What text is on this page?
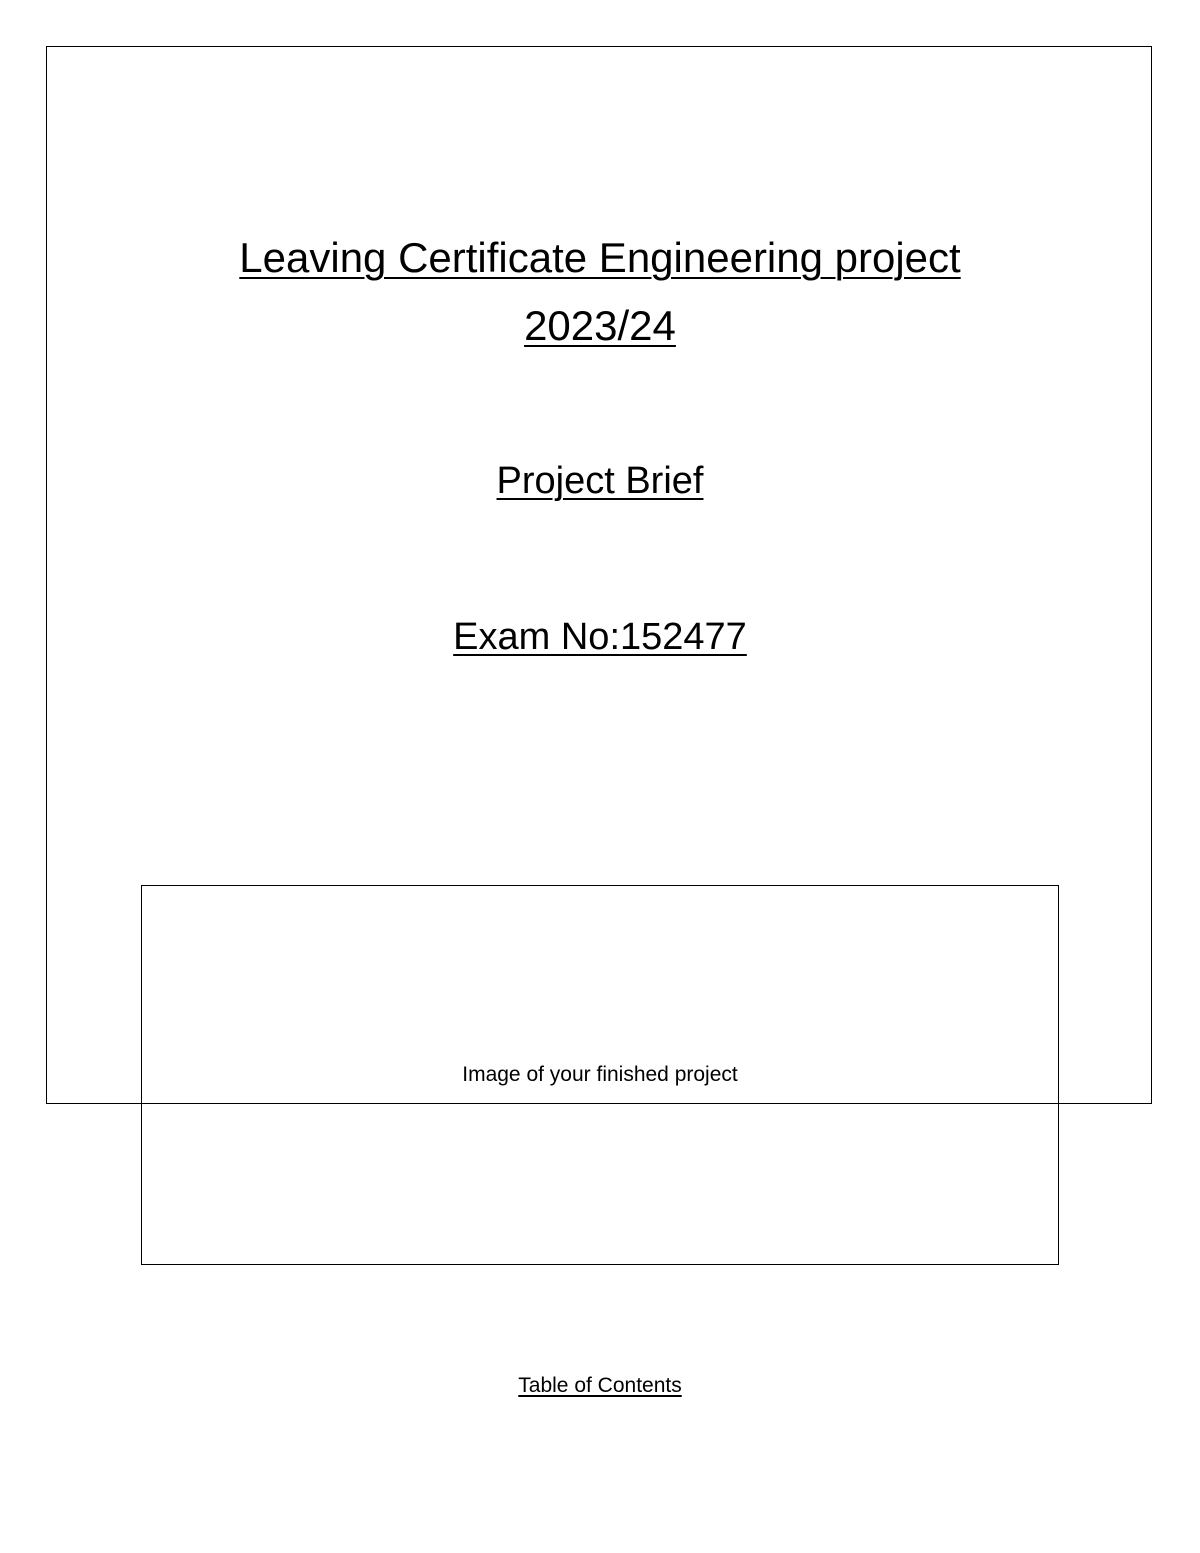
Leaving Certificate Engineering project
2023/24
Project Brief
Exam No:152477
Image of your finished project
Table of Contents
